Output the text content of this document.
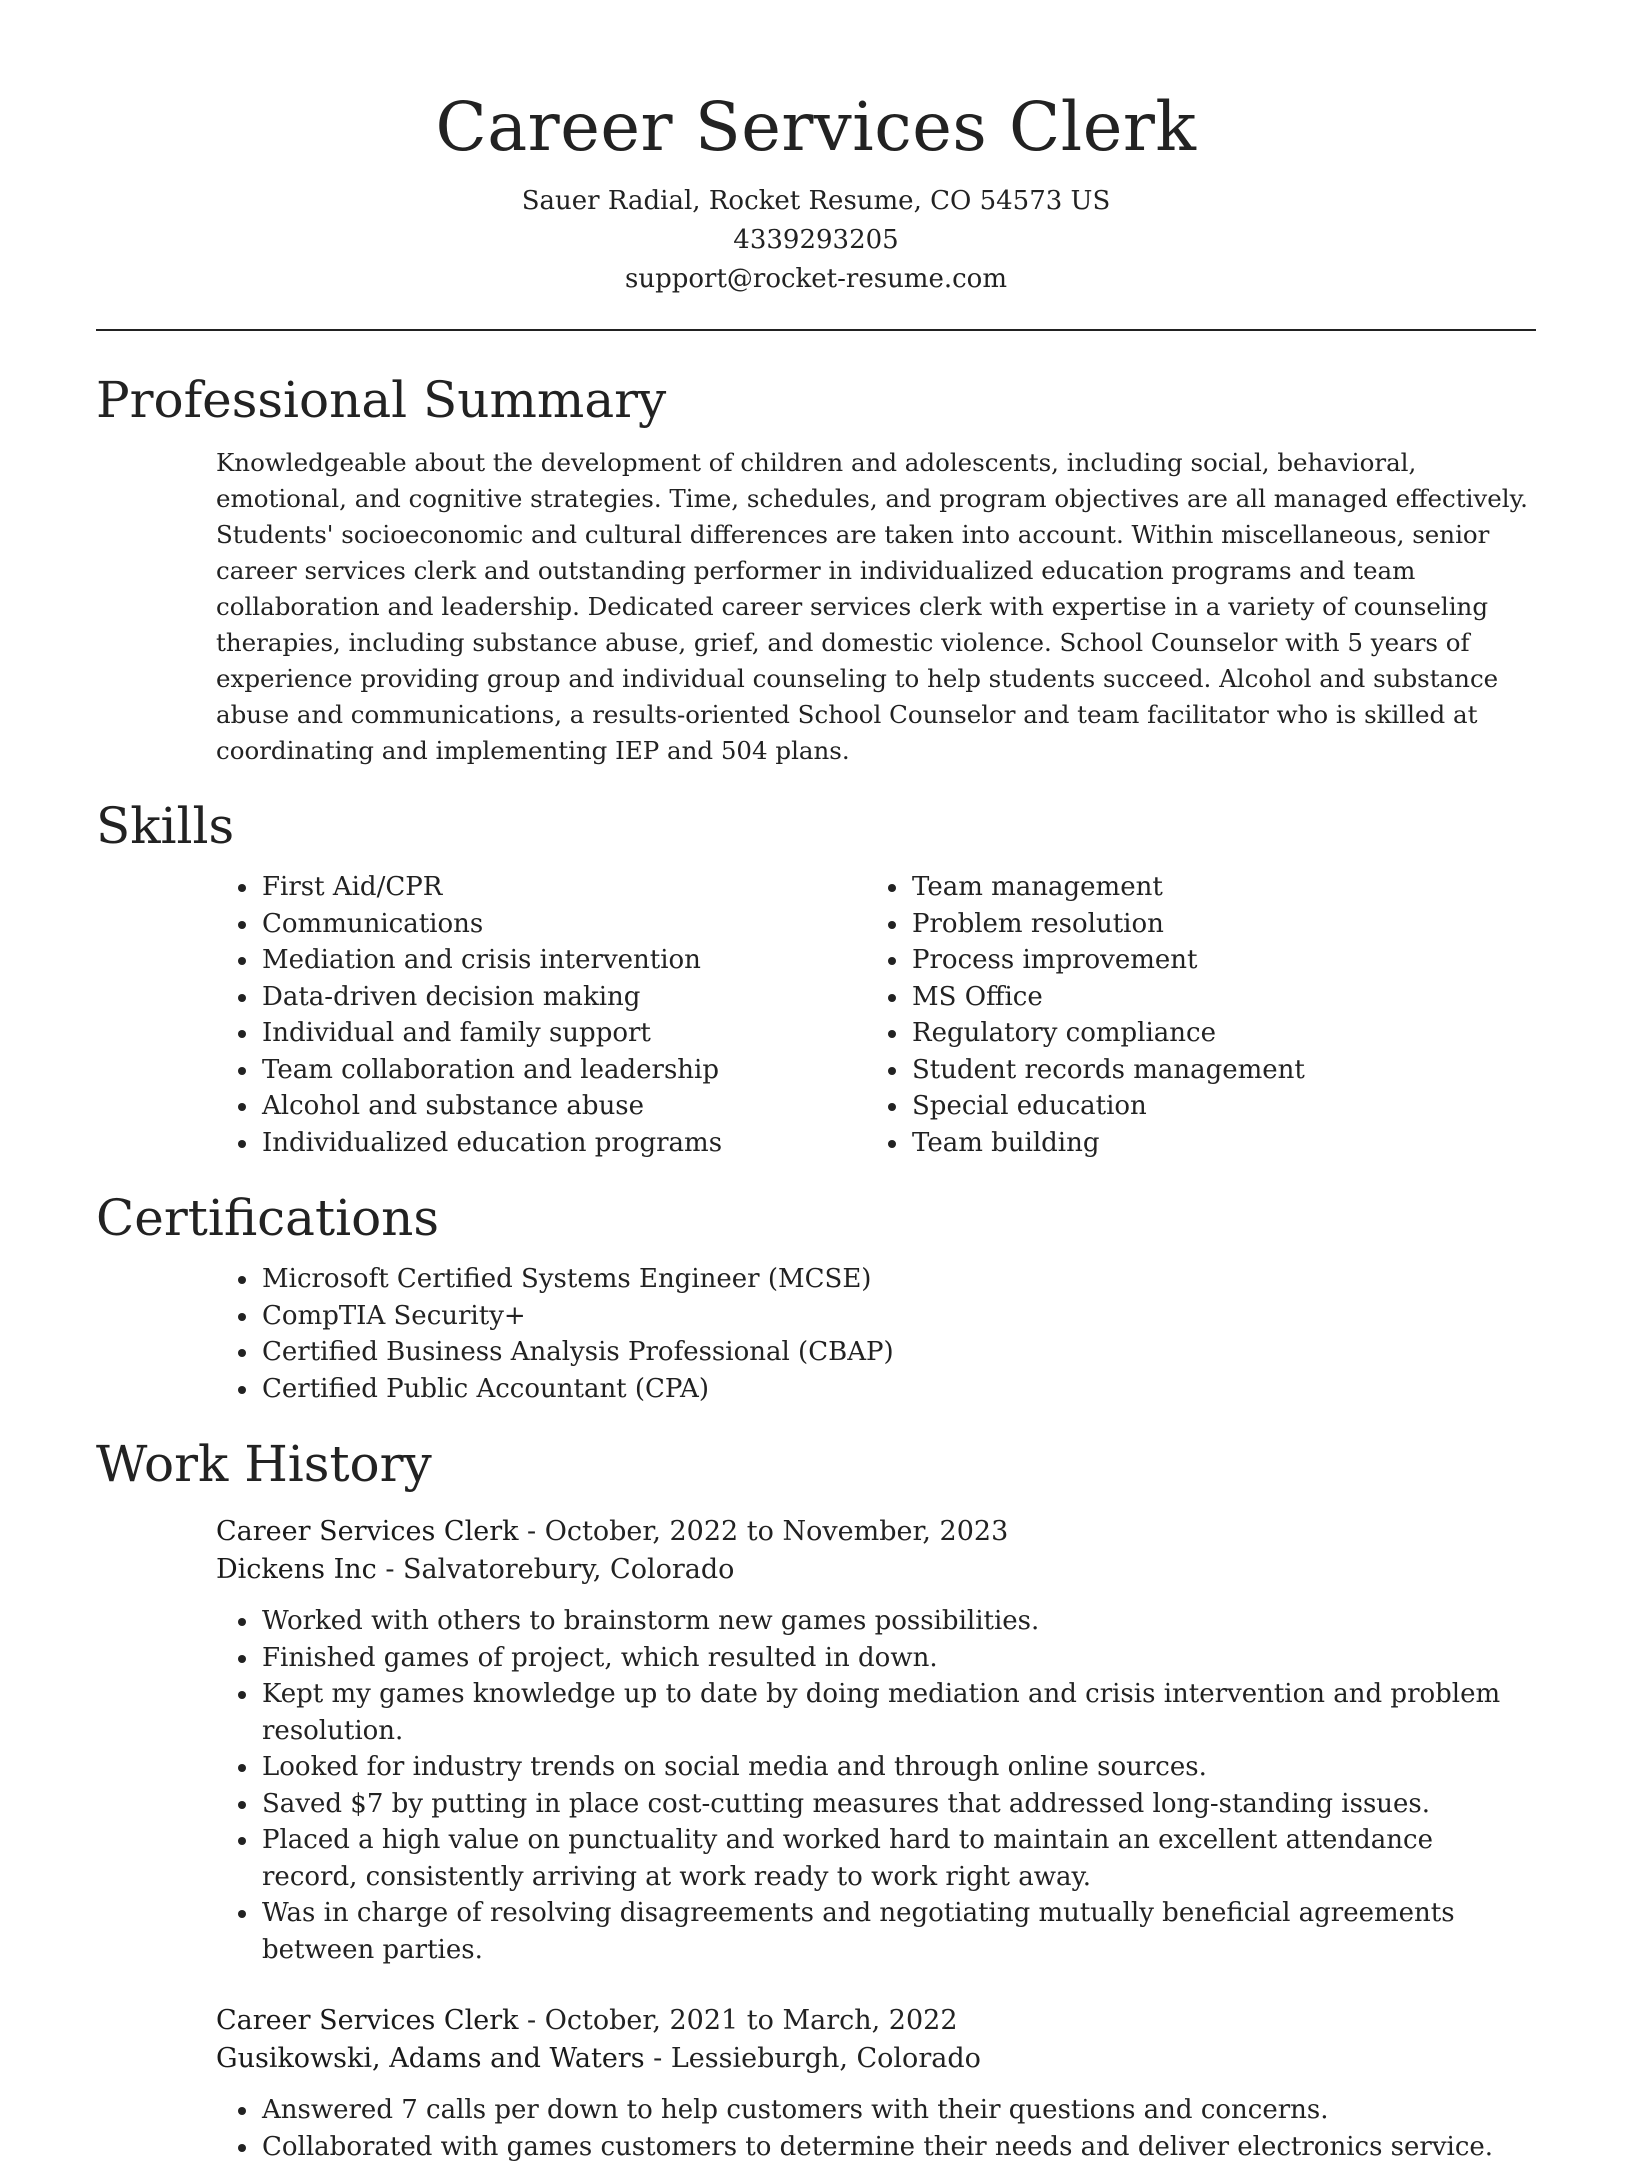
Career Services Clerk
Sauer Radial, Rocket Resume, CO 54573 US
4339293205
support@rocket-resume.com
Professional Summary

Knowledgeable about the development of children and adolescents, including social, behavioral, emotional, and cognitive strategies. Time, schedules, and program objectives are all managed effectively. Students' socioeconomic and cultural differences are taken into account. Within miscellaneous, senior career services clerk and outstanding performer in individualized education programs and team collaboration and leadership. Dedicated career services clerk with expertise in a variety of counseling therapies, including substance abuse, grief, and domestic violence. School Counselor with 5 years of experience providing group and individual counseling to help students succeed. Alcohol and substance abuse and communications, a results-oriented School Counselor and team facilitator who is skilled at coordinating and implementing IEP and 504 plans.

Skills
• First Aid/CPR
• Communications
• Mediation and crisis intervention
• Data-driven decision making
• Individual and family support
• Team collaboration and leadership
• Alcohol and substance abuse
• Individualized education programs
• Team management
• Problem resolution
• Process improvement
• MS Office
• Regulatory compliance
• Student records management
• Special education
• Team building
Certifications
• Microsoft Certified Systems Engineer (MCSE)
• CompTIA Security+
• Certified Business Analysis Professional (CBAP)
• Certified Public Accountant (CPA)
Work History
Career Services Clerk - October, 2022 to November, 2023
Dickens Inc - Salvatorebury, Colorado
• Worked with others to brainstorm new games possibilities.
• Finished games of project, which resulted in down.
• Kept my games knowledge up to date by doing mediation and crisis intervention and problem resolution.
• Looked for industry trends on social media and through online sources.
• Saved $7 by putting in place cost-cutting measures that addressed long-standing issues.
• Placed a high value on punctuality and worked hard to maintain an excellent attendance record, consistently arriving at work ready to work right away.
• Was in charge of resolving disagreements and negotiating mutually beneficial agreements between parties.
Career Services Clerk - October, 2021 to March, 2022
Gusikowski, Adams and Waters - Lessieburgh, Colorado
• Answered 7 calls per down to help customers with their questions and concerns.
• Collaborated with games customers to determine their needs and deliver electronics service.
